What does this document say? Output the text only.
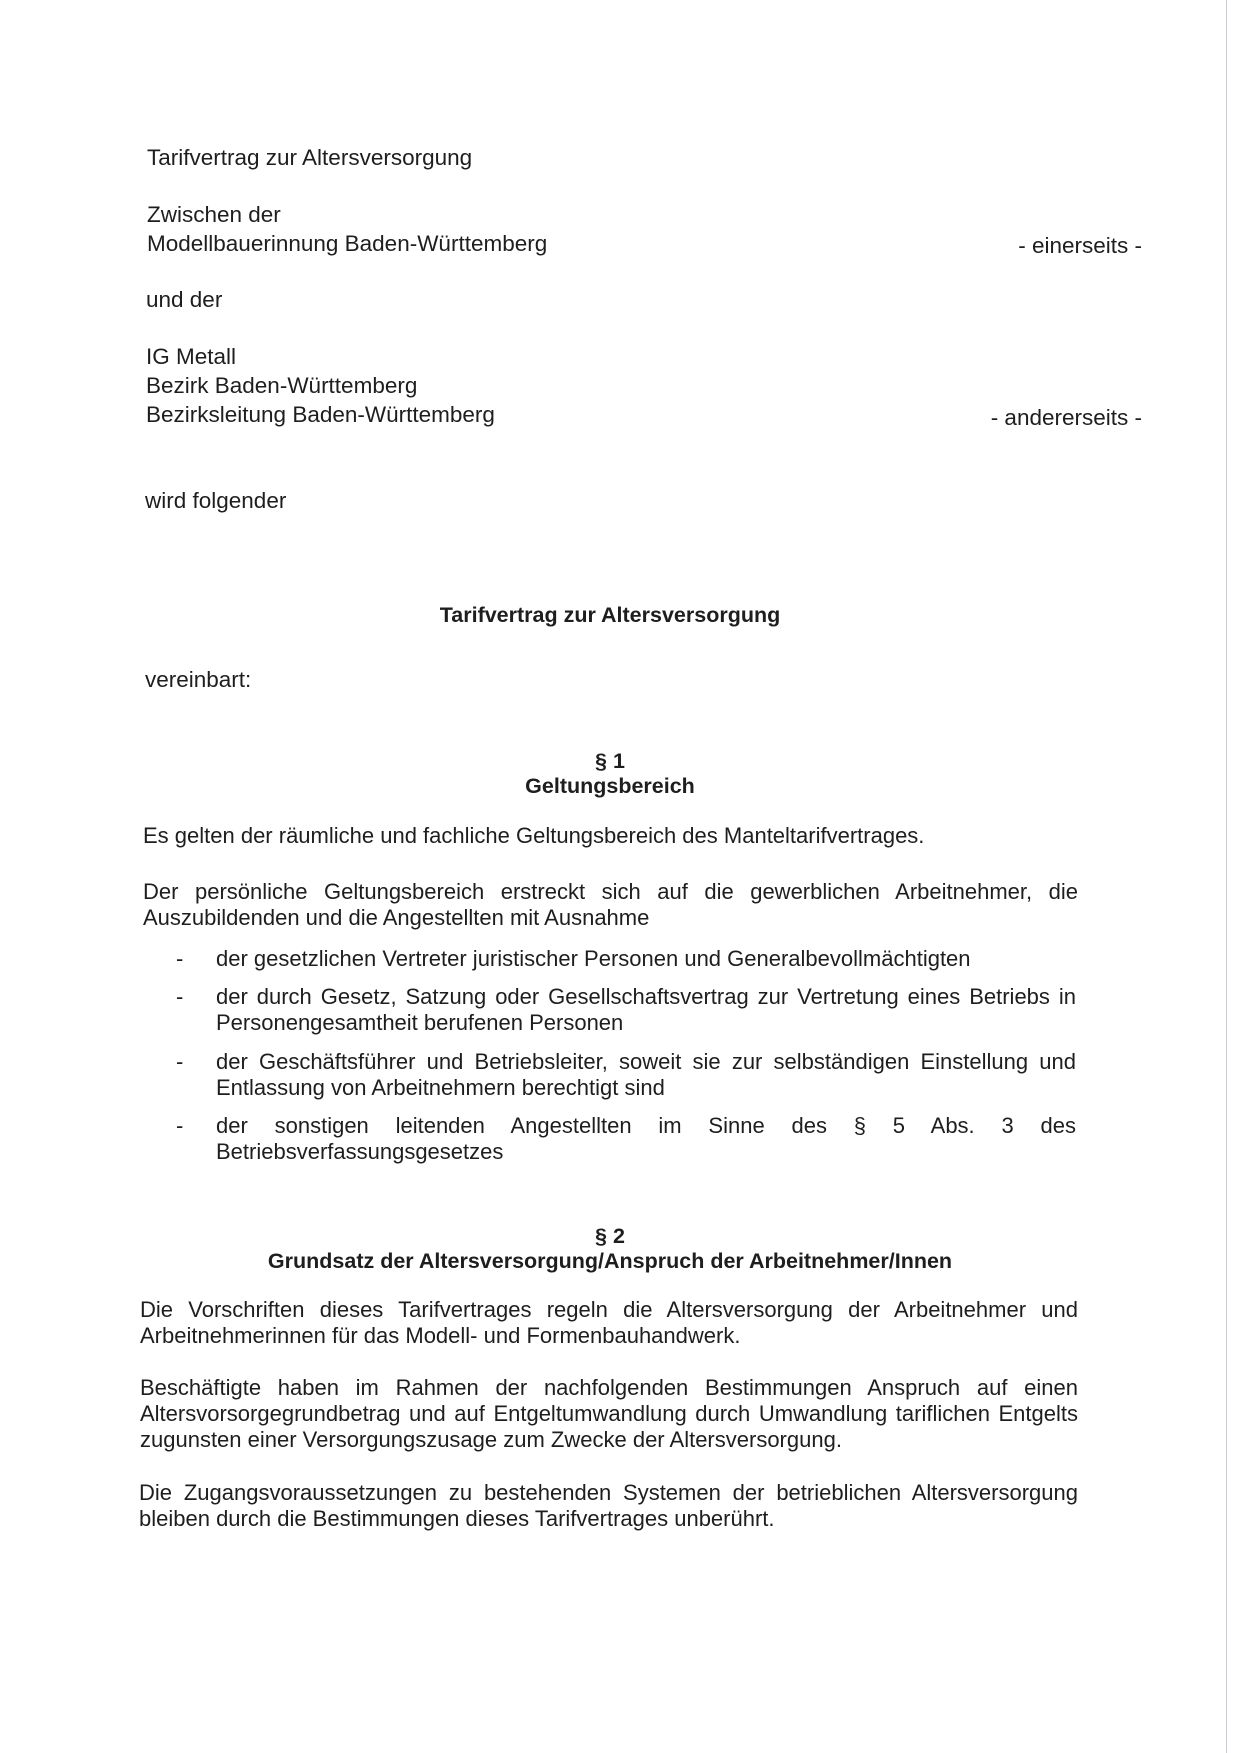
Tarifvertrag zur Altersversorgung
Zwischen der
Modellbauerinnung Baden-Württemberg	- einerseits -
und der
IG Metall
Bezirk Baden-Württemberg
Bezirksleitung Baden-Württemberg	- andererseits -
wird folgender
Tarifvertrag zur Altersversorgung
vereinbart:
§ 1
Geltungsbereich
Es gelten der räumliche und fachliche Geltungsbereich des Manteltarifvertrages.
Der persönliche Geltungsbereich erstreckt sich auf die gewerblichen Arbeitnehmer, die Auszubildenden und die Angestellten mit Ausnahme
- der gesetzlichen Vertreter juristischer Personen und Generalbevollmächtigten
- der durch Gesetz, Satzung oder Gesellschaftsvertrag zur Vertretung eines Betriebs in Personengesamtheit berufenen Personen
- der Geschäftsführer und Betriebsleiter, soweit sie zur selbständigen Einstellung und Entlassung von Arbeitnehmern berechtigt sind
- der sonstigen leitenden Angestellten im Sinne des § 5 Abs. 3 des Betriebsverfassungsgesetzes
§ 2
Grundsatz der Altersversorgung/Anspruch der Arbeitnehmer/Innen
Die Vorschriften dieses Tarifvertrages regeln die Altersversorgung der Arbeitnehmer und Arbeitnehmerinnen für das Modell- und Formenbauhandwerk.
Beschäftigte haben im Rahmen der nachfolgenden Bestimmungen Anspruch auf einen Altersvorsorgegrundbetrag und auf Entgeltumwandlung durch Umwandlung tariflichen Entgelts zugunsten einer Versorgungszusage zum Zwecke der Altersversorgung.
Die Zugangsvoraussetzungen zu bestehenden Systemen der betrieblichen Altersversorgung bleiben durch die Bestimmungen dieses Tarifvertrages unberührt.
